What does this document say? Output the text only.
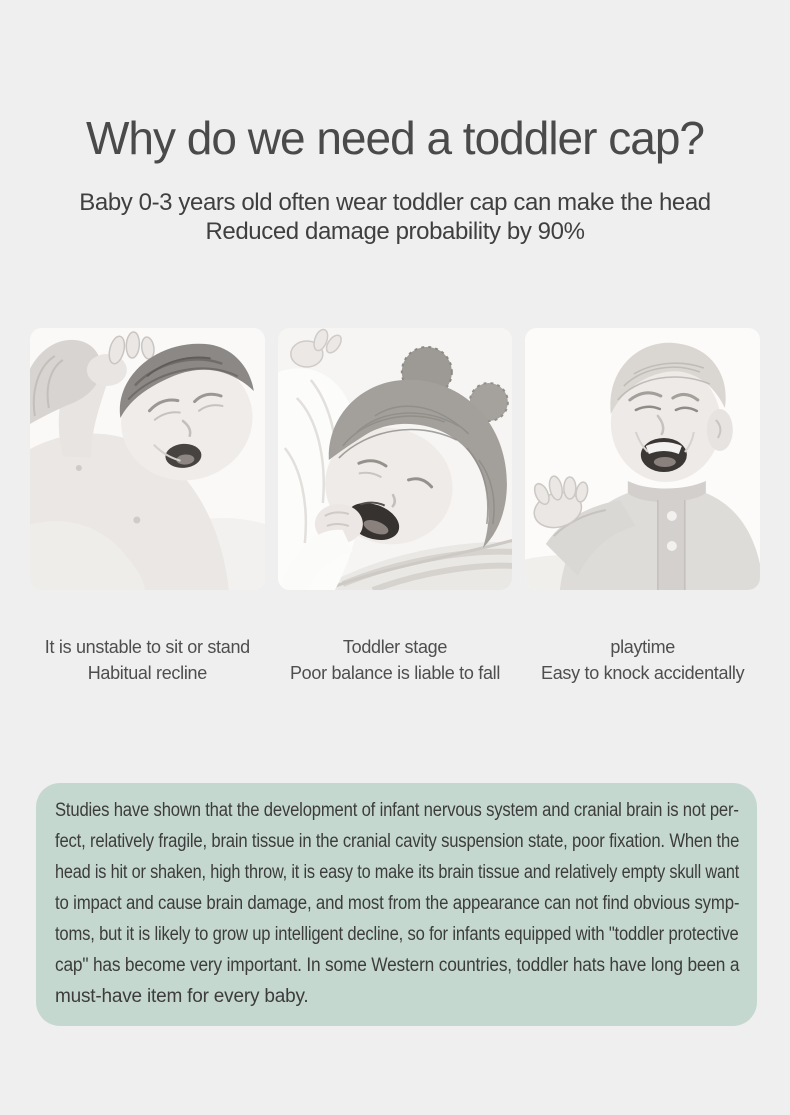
Why do we need a toddler cap?
Baby 0-3 years old often wear toddler cap can make the head
Reduced damage probability by 90%
It is unstable to sit or stand
Habitual recline
Toddler stage
Poor balance is liable to fall
playtime
Easy to knock accidentally
Studies have shown that the development of infant nervous system and cranial brain is not per-
fect, relatively fragile, brain tissue in the cranial cavity suspension state, poor fixation. When the
head is hit or shaken, high throw, it is easy to make its brain tissue and relatively empty skull want
to impact and cause brain damage, and most from the appearance can not find obvious symp-
toms, but it is likely to grow up intelligent decline, so for infants equipped with "toddler protective
cap" has become very important. In some Western countries, toddler hats have long been a
must-have item for every baby.
